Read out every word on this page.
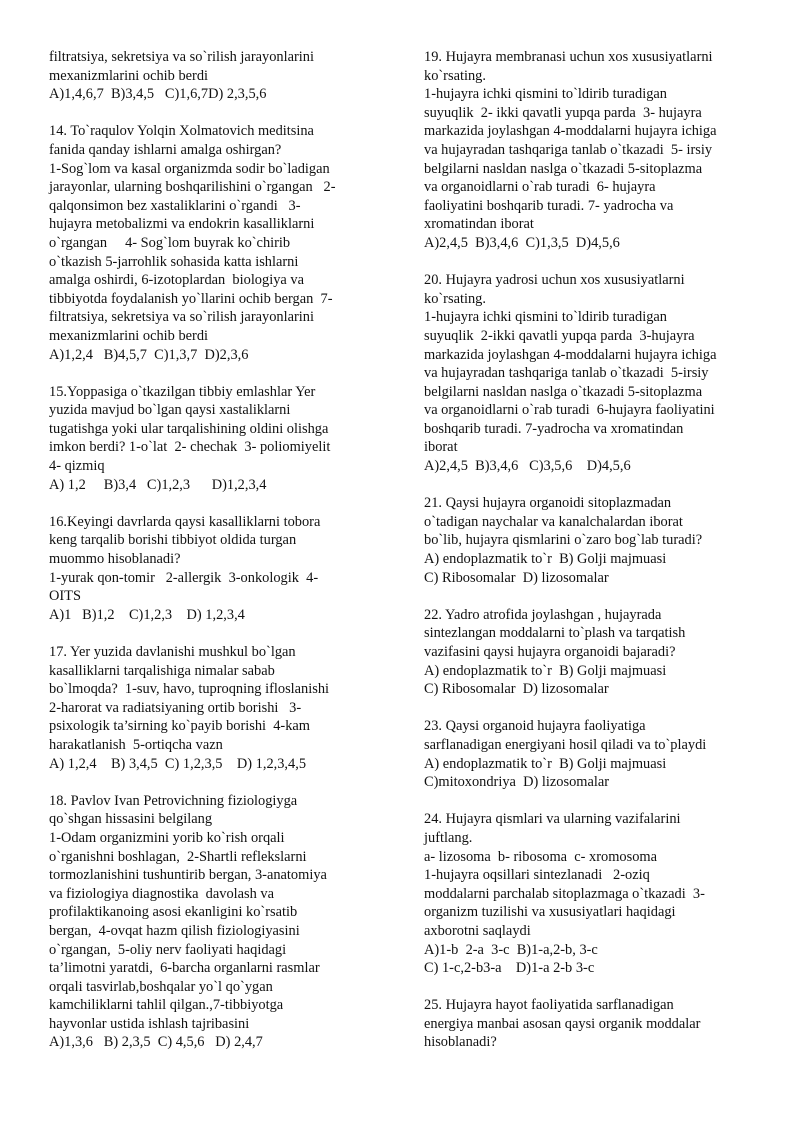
filtratsiya, sekretsiya va so`rilish jarayonlarini
mexanizmlarini ochib berdi
A)1,4,6,7  B)3,4,5   C)1,6,7D) 2,3,5,6
14. To`raqulov Yolqin Xolmatovich meditsina
fanida qanday ishlarni amalga oshirgan?
1-Sog`lom va kasal organizmda sodir bo`ladigan
jarayonlar, ularning boshqarilishini o`rgangan   2-
qalqonsimon bez xastaliklarini o`rgandi   3-
hujayra metobalizmi va endokrin kasalliklarni
o`rgangan     4- Sog`lom buyrak ko`chirib
o`tkazish 5-jarrohlik sohasida katta ishlarni
amalga oshirdi, 6-izotoplardan  biologiya va
tibbiyotda foydalanish yo`llarini ochib bergan  7-
filtratsiya, sekretsiya va so`rilish jarayonlarini
mexanizmlarini ochib berdi
A)1,2,4   B)4,5,7  C)1,3,7  D)2,3,6
15.Yoppasiga o`tkazilgan tibbiy emlashlar Yer
yuzida mavjud bo`lgan qaysi xastaliklarni
tugatishga yoki ular tarqalishining oldini olishga
imkon berdi? 1-o`lat  2- chechak  3- poliomiyelit
4- qizmiq
A) 1,2     B)3,4   C)1,2,3      D)1,2,3,4
16.Keyingi davrlarda qaysi kasalliklarni tobora
keng tarqalib borishi tibbiyot oldida turgan
muommo hisoblanadi?
1-yurak qon-tomir   2-allergik  3-onkologik  4-
OITS
A)1   B)1,2    C)1,2,3    D) 1,2,3,4
17. Yer yuzida davlanishi mushkul bo`lgan
kasalliklarni tarqalishiga nimalar sabab
bo`lmoqda?  1-suv, havo, tuproqning ifloslanishi
2-harorat va radiatsiyaning ortib borishi   3-
psixologik ta’sirning ko`payib borishi  4-kam
harakatlanish  5-ortiqcha vazn
A) 1,2,4    B) 3,4,5  C) 1,2,3,5    D) 1,2,3,4,5
18. Pavlov Ivan Petrovichning fiziologiyga
qo`shgan hissasini belgilang
1-Odam organizmini yorib ko`rish orqali
o`rganishni boshlagan,  2-Shartli reflekslarni
tormozlanishini tushuntirib bergan, 3-anatomiya
va fiziologiya diagnostika  davolash va
profilaktikanoing asosi ekanligini ko`rsatib
bergan,  4-ovqat hazm qilish fiziologiyasini
o`rgangan,  5-oliy nerv faoliyati haqidagi
ta’limotni yaratdi,  6-barcha organlarni rasmlar
orqali tasvirlab,boshqalar yo`l qo`ygan
kamchiliklarni tahlil qilgan.,7-tibbiyotga
hayvonlar ustida ishlash tajribasini
A)1,3,6   B) 2,3,5  C) 4,5,6   D) 2,4,7
19. Hujayra membranasi uchun xos xususiyatlarni
ko`rsating.
1-hujayra ichki qismini to`ldirib turadigan
suyuqlik  2- ikki qavatli yupqa parda  3- hujayra
markazida joylashgan 4-moddalarni hujayra ichiga
va hujayradan tashqariga tanlab o`tkazadi  5- irsiy
belgilarni nasldan naslga o`tkazadi 5-sitoplazma
va organoidlarni o`rab turadi  6- hujayra
faoliyatini boshqarib turadi. 7- yadrocha va
xromatindan iborat
A)2,4,5  B)3,4,6  C)1,3,5  D)4,5,6
20. Hujayra yadrosi uchun xos xususiyatlarni
ko`rsating.
1-hujayra ichki qismini to`ldirib turadigan
suyuqlik  2-ikki qavatli yupqa parda  3-hujayra
markazida joylashgan 4-moddalarni hujayra ichiga
va hujayradan tashqariga tanlab o`tkazadi  5-irsiy
belgilarni nasldan naslga o`tkazadi 5-sitoplazma
va organoidlarni o`rab turadi  6-hujayra faoliyatini
boshqarib turadi. 7-yadrocha va xromatindan
iborat
A)2,4,5  B)3,4,6   C)3,5,6    D)4,5,6
21. Qaysi hujayra organoidi sitoplazmadan
o`tadigan naychalar va kanalchalardan iborat
bo`lib, hujayra qismlarini o`zaro bog`lab turadi?
A) endoplazmatik to`r  B) Golji majmuasi
C) Ribosomalar  D) lizosomalar
22. Yadro atrofida joylashgan , hujayrada
sintezlangan moddalarni to`plash va tarqatish
vazifasini qaysi hujayra organoidi bajaradi?
A) endoplazmatik to`r  B) Golji majmuasi
C) Ribosomalar  D) lizosomalar
23. Qaysi organoid hujayra faoliyatiga
sarflanadigan energiyani hosil qiladi va to`playdi
A) endoplazmatik to`r  B) Golji majmuasi
C)mitoxondriya  D) lizosomalar
24. Hujayra qismlari va ularning vazifalarini
juftlang.
a- lizosoma  b- ribosoma  c- xromosoma
1-hujayra oqsillari sintezlanadi   2-oziq
moddalarni parchalab sitoplazmaga o`tkazadi  3-
organizm tuzilishi va xususiyatlari haqidagi
axborotni saqlaydi
A)1-b  2-a  3-c  B)1-a,2-b, 3-c
C) 1-c,2-b3-a    D)1-a 2-b 3-c
25. Hujayra hayot faoliyatida sarflanadigan
energiya manbai asosan qaysi organik moddalar
hisoblanadi?
